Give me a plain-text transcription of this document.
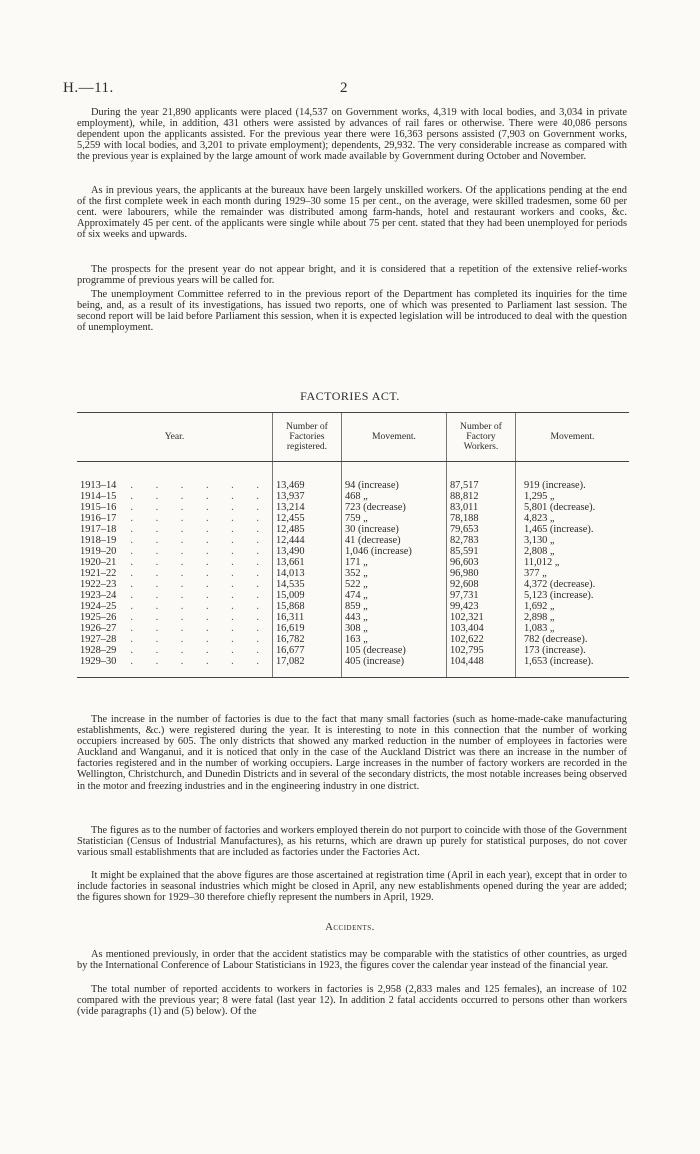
H.—11.	2

During the year 21,890 applicants were placed (14,537 on Government works, 4,319 with local bodies, and 3,034 in private employment), while, in addition, 431 others were assisted by advances of rail fares or otherwise. There were 40,086 persons dependent upon the applicants assisted. For the previous year there were 16,363 persons assisted (7,903 on Government works, 5,259 with local bodies, and 3,201 to private employment); dependents, 29,932. The very considerable increase as compared with the previous year is explained by the large amount of work made available by Government during October and November.

As in previous years, the applicants at the bureaux have been largely unskilled workers. Of the applications pending at the end of the first complete week in each month during 1929–30 some 15 per cent., on the average, were skilled tradesmen, some 60 per cent. were labourers, while the remainder was distributed among farm-hands, hotel and restaurant workers and cooks, &c. Approximately 45 per cent. of the applicants were single while about 75 per cent. stated that they had been unemployed for periods of six weeks and upwards.

The prospects for the present year do not appear bright, and it is considered that a repetition of the extensive relief-works programme of previous years will be called for.

The unemployment Committee referred to in the previous report of the Department has completed its inquiries for the time being, and, as a result of its investigations, has issued two reports, one of which was presented to Parliament last session. The second report will be laid before Parliament this session, when it is expected legislation will be introduced to deal with the question of unemployment.

FACTORIES ACT.
Year.	Number of Factories registered.	Movement.	Number of Factory Workers.	Movement.
1913–14 . . . . . .	13,469	94 (increase)	87,517	919 (increase).
1914–15 . . . . . .	13,937	468 „	88,812	1,295 „
1915–16 . . . . . .	13,214	723 (decrease)	83,011	5,801 (decrease).
1916–17 . . . . . .	12,455	759 „	78,188	4,823 „
1917–18 . . . . . .	12,485	30 (increase)	79,653	1,465 (increase).
1918–19 . . . . . .	12,444	41 (decrease)	82,783	3,130 „
1919–20 . . . . . .	13,490	1,046 (increase)	85,591	2,808 „
1920–21 . . . . . .	13,661	171 „	96,603	11,012 „
1921–22 . . . . . .	14,013	352 „	96,980	377 „
1922–23 . . . . . .	14,535	522 „	92,608	4,372 (decrease).
1923–24 . . . . . .	15,009	474 „	97,731	5,123 (increase).
1924–25 . . . . . .	15,868	859 „	99,423	1,692 „
1925–26 . . . . . .	16,311	443 „	102,321	2,898 „
1926–27 . . . . . .	16,619	308 „	103,404	1,083 „
1927–28 . . . . . .	16,782	163 „	102,622	782 (decrease).
1928–29 . . . . . .	16,677	105 (decrease)	102,795	173 (increase).
1929–30 . . . . . .	17,082	405 (increase)	104,448	1,653 (increase).

The increase in the number of factories is due to the fact that many small factories (such as home-made-cake manufacturing establishments, &c.) were registered during the year. It is interesting to note in this connection that the number of working occupiers increased by 605. The only districts that showed any marked reduction in the number of employees in factories were Auckland and Wanganui, and it is noticed that only in the case of the Auckland District was there an increase in the number of factories registered and in the number of working occupiers. Large increases in the number of factory workers are recorded in the Wellington, Christchurch, and Dunedin Districts and in several of the secondary districts, the most notable increases being observed in the motor and freezing industries and in the engineering industry in one district.

The figures as to the number of factories and workers employed therein do not purport to coincide with those of the Government Statistician (Census of Industrial Manufactures), as his returns, which are drawn up purely for statistical purposes, do not cover various small establishments that are included as factories under the Factories Act.

It might be explained that the above figures are those ascertained at registration time (April in each year), except that in order to include factories in seasonal industries which might be closed in April, any new establishments opened during the year are added; the figures shown for 1929–30 therefore chiefly represent the numbers in April, 1929.

Accidents.

As mentioned previously, in order that the accident statistics may be comparable with the statistics of other countries, as urged by the International Conference of Labour Statisticians in 1923, the figures cover the calendar year instead of the financial year.

The total number of reported accidents to workers in factories is 2,958 (2,833 males and 125 females), an increase of 102 compared with the previous year; 8 were fatal (last year 12). In addition 2 fatal accidents occurred to persons other than workers (vide paragraphs (1) and (5) below). Of the
